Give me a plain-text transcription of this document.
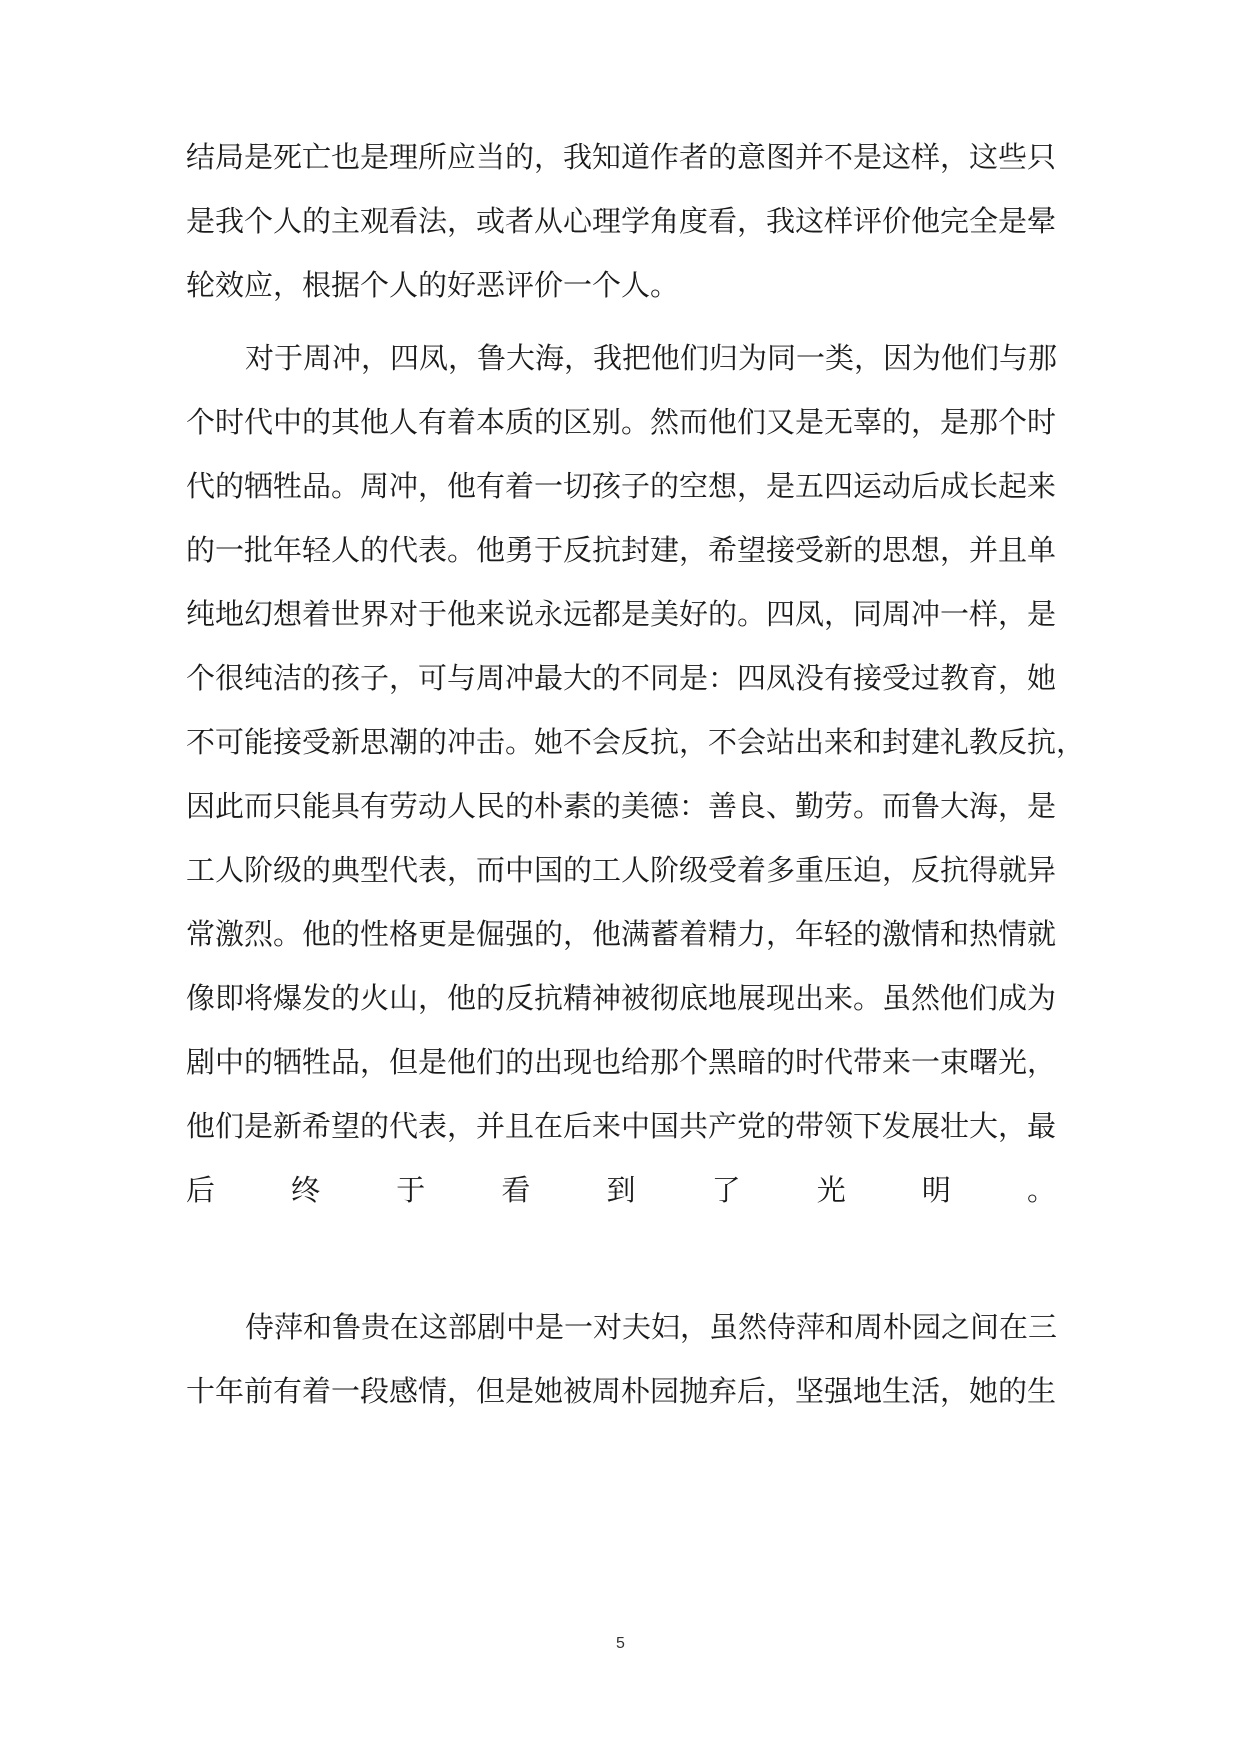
结局是死亡也是理所应当的，我知道作者的意图并不是这样，这些只
是我个人的主观看法，或者从心理学角度看，我这样评价他完全是晕
轮效应，根据个人的好恶评价一个人。
对于周冲，四凤，鲁大海，我把他们归为同一类，因为他们与那
个时代中的其他人有着本质的区别。然而他们又是无辜的，是那个时
代的牺牲品。周冲，他有着一切孩子的空想，是五四运动后成长起来
的一批年轻人的代表。他勇于反抗封建，希望接受新的思想，并且单
纯地幻想着世界对于他来说永远都是美好的。四凤，同周冲一样，是
个很纯洁的孩子，可与周冲最大的不同是：四凤没有接受过教育，她
不可能接受新思潮的冲击。她不会反抗，不会站出来和封建礼教反抗，
因此而只能具有劳动人民的朴素的美德：善良、勤劳。而鲁大海，是
工人阶级的典型代表，而中国的工人阶级受着多重压迫，反抗得就异
常激烈。他的性格更是倔强的，他满蓄着精力，年轻的激情和热情就
像即将爆发的火山，他的反抗精神被彻底地展现出来。虽然他们成为
剧中的牺牲品，但是他们的出现也给那个黑暗的时代带来一束曙光，
他们是新希望的代表，并且在后来中国共产党的带领下发展壮大，最
后终于看到了光明。
侍萍和鲁贵在这部剧中是一对夫妇，虽然侍萍和周朴园之间在三
十年前有着一段感情，但是她被周朴园抛弃后，坚强地生活，她的生
5
